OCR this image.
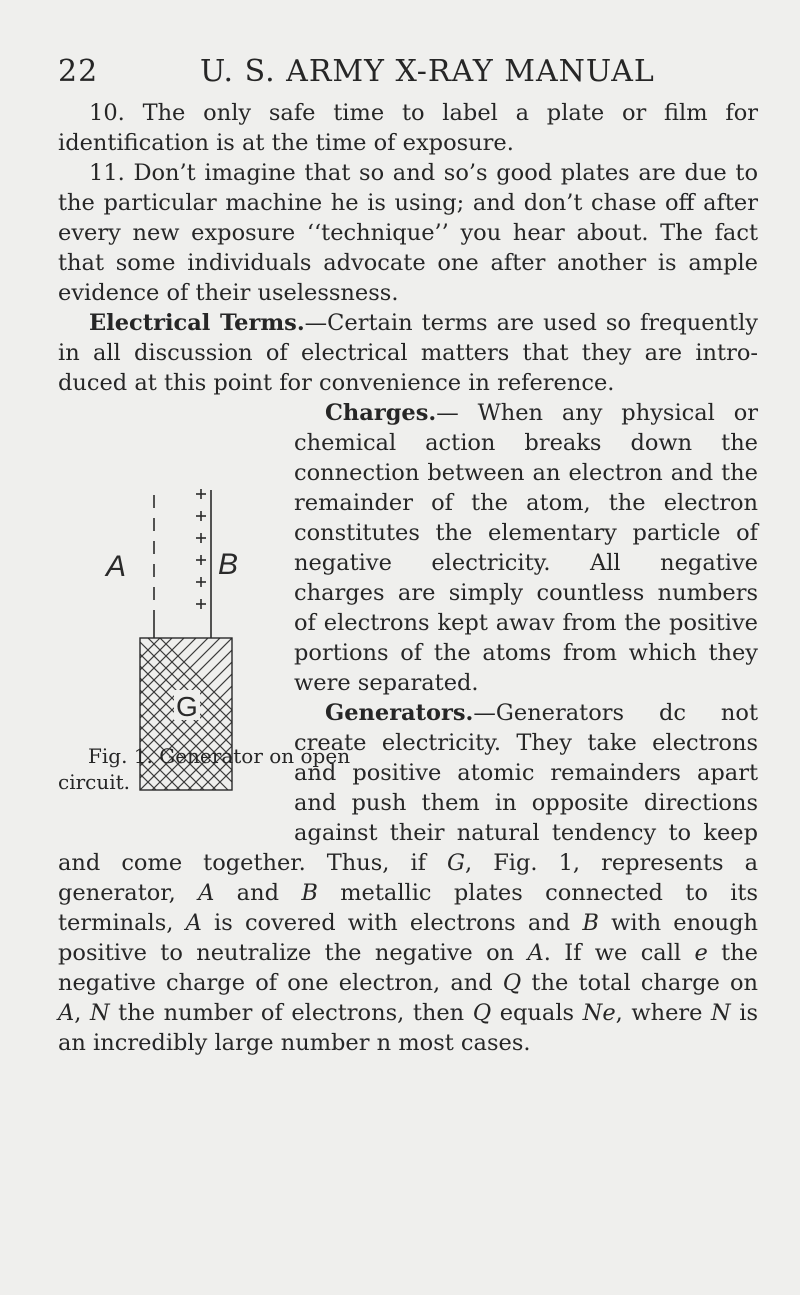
22	U. S. ARMY X-RAY MANUAL

10. The only safe time to label a plate or film for identification is at the time of exposure.

11. Don’t imagine that so and so’s good plates are due to the particular machine he is using; and don’t chase off after every new exposure ‘‘technique’’ you hear about. The fact that some individuals advocate one after another is ample evidence of their uselessness.

Electrical Terms.—Certain terms are used so frequently in all discussion of electrical matters that they are introduced at this point for convenience in reference.

A	B
G
Fig. 1. Generator on open circuit.

Charges.— When any physical or chemical action breaks down the connection between an electron and the remainder of the atom, the electron constitutes the elementary particle of negative electricity. All negative charges are simply countless numbers of electrons kept awav from the positive portions of the atoms from which they were separated.

Generators.—Generators dc not create electricity. They take electrons and positive atomic remainders apart and push them in opposite directions against their natural tendency to keep and come together. Thus, if G, Fig. 1, represents a generator, A and B metallic plates connected to its terminals, A is covered with electrons and B with enough positive to neutralize the negative on A. If we call e the negative charge of one electron, and Q the total charge on A, N the number of electrons, then Q equals Ne, where N is an incredibly large number n most cases.
